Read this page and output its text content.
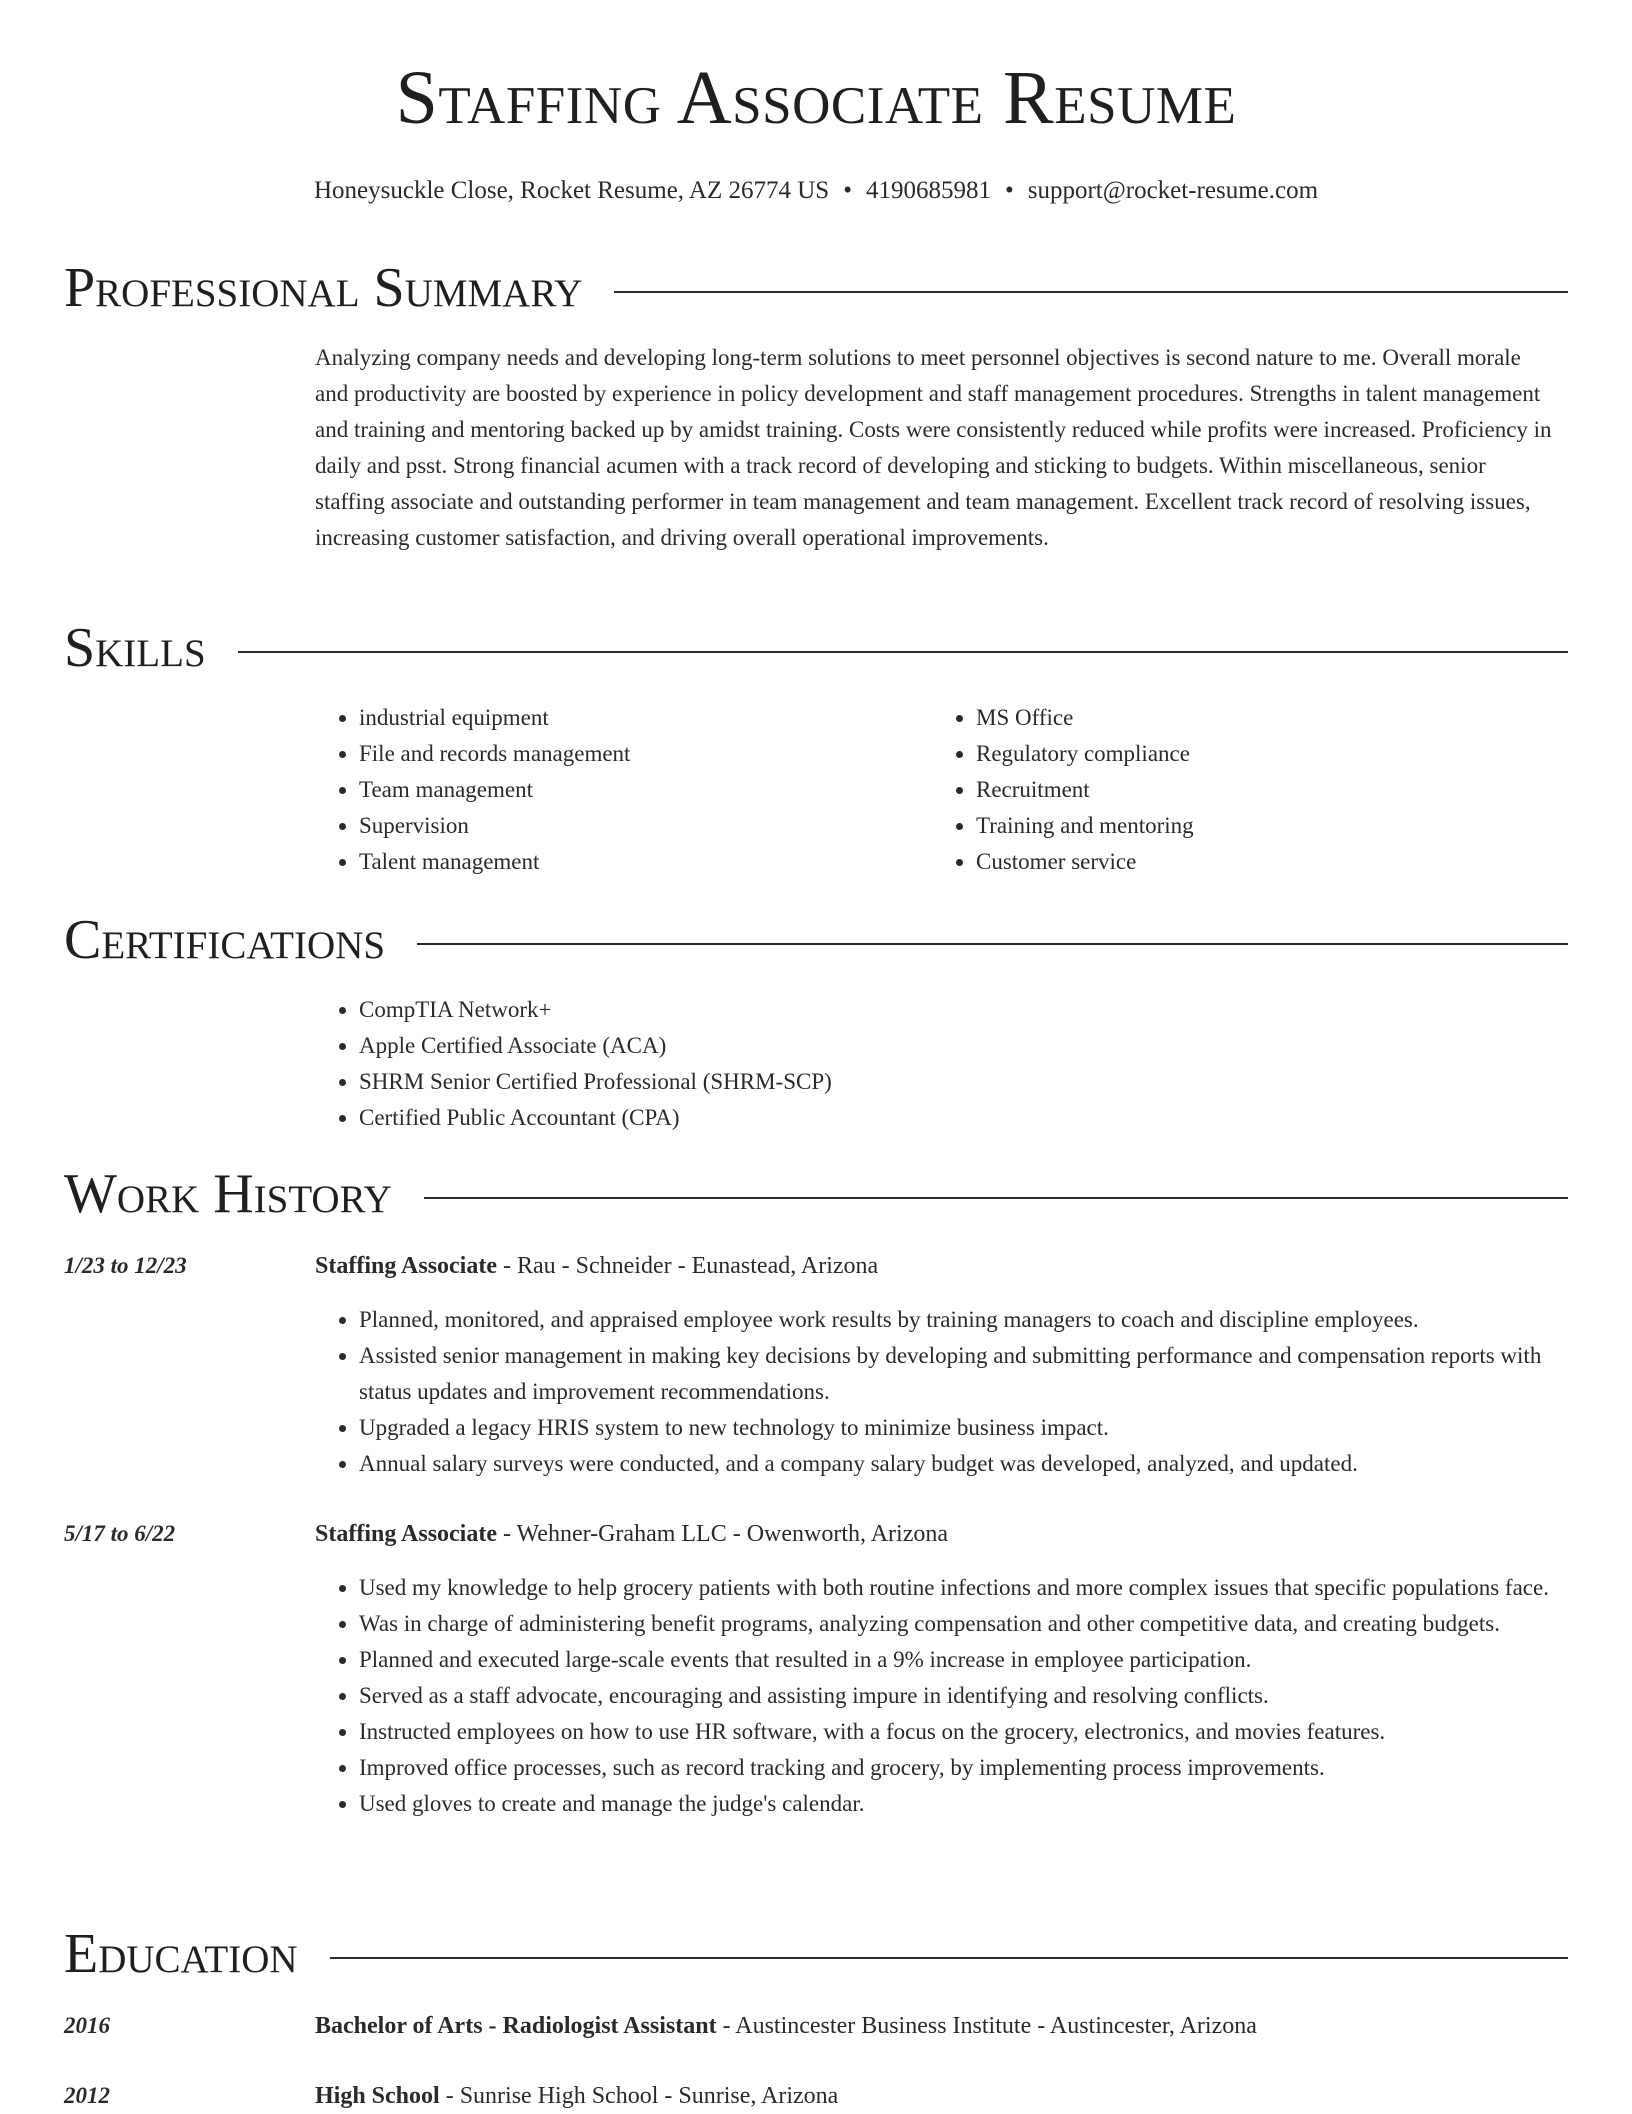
Staffing Associate Resume
Honeysuckle Close, Rocket Resume, AZ 26774 US • 4190685981 • support@rocket-resume.com
Professional Summary

Analyzing company needs and developing long-term solutions to meet personnel objectives is second nature to me. Overall morale and productivity are boosted by experience in policy development and staff management procedures. Strengths in talent management and training and mentoring backed up by amidst training. Costs were consistently reduced while profits were increased. Proficiency in daily and psst. Strong financial acumen with a track record of developing and sticking to budgets. Within miscellaneous, senior staffing associate and outstanding performer in team management and team management. Excellent track record of resolving issues, increasing customer satisfaction, and driving overall operational improvements.

Skills
• industrial equipment
• File and records management
• Team management
• Supervision
• Talent management
• MS Office
• Regulatory compliance
• Recruitment
• Training and mentoring
• Customer service
Certifications
• CompTIA Network+
• Apple Certified Associate (ACA)
• SHRM Senior Certified Professional (SHRM-SCP)
• Certified Public Accountant (CPA)
Work History
1/23 to 12/23	Staffing Associate - Rau - Schneider - Eunastead, Arizona
• Planned, monitored, and appraised employee work results by training managers to coach and discipline employees.
• Assisted senior management in making key decisions by developing and submitting performance and compensation reports with status updates and improvement recommendations.
• Upgraded a legacy HRIS system to new technology to minimize business impact.
• Annual salary surveys were conducted, and a company salary budget was developed, analyzed, and updated.
5/17 to 6/22	Staffing Associate - Wehner-Graham LLC - Owenworth, Arizona
• Used my knowledge to help grocery patients with both routine infections and more complex issues that specific populations face.
• Was in charge of administering benefit programs, analyzing compensation and other competitive data, and creating budgets.
• Planned and executed large-scale events that resulted in a 9% increase in employee participation.
• Served as a staff advocate, encouraging and assisting impure in identifying and resolving conflicts.
• Instructed employees on how to use HR software, with a focus on the grocery, electronics, and movies features.
• Improved office processes, such as record tracking and grocery, by implementing process improvements.
• Used gloves to create and manage the judge's calendar.
Education
2016	Bachelor of Arts - Radiologist Assistant - Austincester Business Institute - Austincester, Arizona
2012	High School - Sunrise High School - Sunrise, Arizona
